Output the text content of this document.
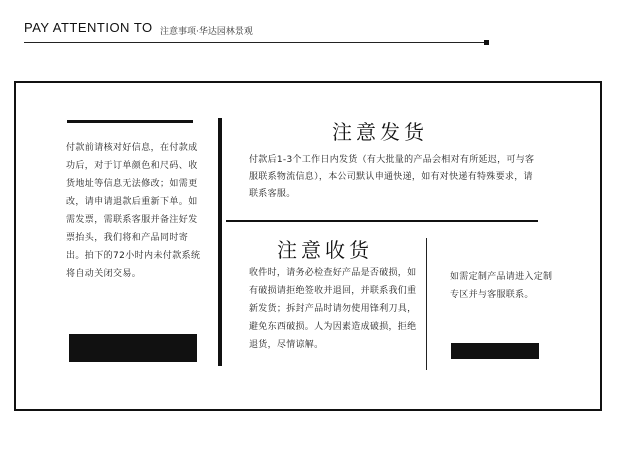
PAY ATTENTION TO 注意事项·华达园林景观
付款前请核对好信息，在付款成功后，对于订单颜色和尺码、收货地址等信息无法修改；如需更改，请申请退款后重新下单。如需发票，需联系客服并备注好发票抬头，我们将和产品同时寄出。拍下的72小时内未付款系统将自动关闭交易。
注意发货
付款后1-3个工作日内发货（有大批量的产品会相对有所延迟，可与客服联系物流信息），本公司默认申通快递，如有对快递有特殊要求，请联系客服。
注意收货
收件时，请务必检查好产品是否破损，如有破损请拒绝签收并退回，并联系我们重新发货；拆封产品时请勿使用锋利刀具，避免东西破损。人为因素造成破损，拒绝退货，尽情谅解。
如需定制产品请进入定制专区并与客服联系。
